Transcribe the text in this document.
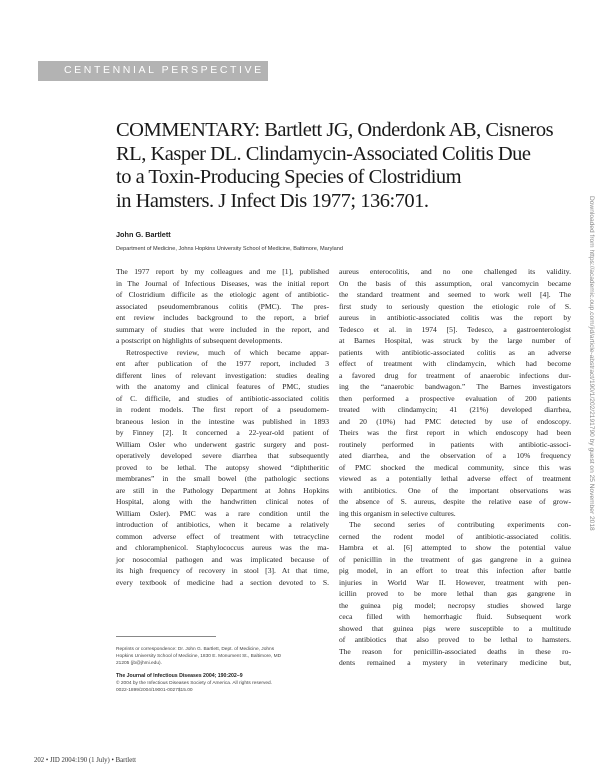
CENTENNIAL PERSPECTIVE

COMMENTARY: Bartlett JG, Onderdonk AB, Cisneros

RL, Kasper DL. Clindamycin-Associated Colitis Due

to a Toxin-Producing Species of Clostridium

in Hamsters. J Infect Dis 1977; 136:701.

John G. Bartlett
Department of Medicine, Johns Hopkins University School of Medicine, Baltimore, Maryland

The 1977 report by my colleagues and me [1], published

in The Journal of Infectious Diseases, was the initial report

of Clostridium difficile as the etiologic agent of antibiotic-

associated pseudomembranous colitis (PMC). The pres-

ent review includes background to the report, a brief

summary of studies that were included in the report, and

a postscript on highlights of subsequent developments.

Retrospective review, much of which became appar-

ent after publication of the 1977 report, included 3

different lines of relevant investigation: studies dealing

with the anatomy and clinical features of PMC, studies

of C. difficile, and studies of antibiotic-associated colitis

in rodent models. The first report of a pseudomem-

braneous lesion in the intestine was published in 1893

by Finney [2]. It concerned a 22-year-old patient of

William Osler who underwent gastric surgery and post-

operatively developed severe diarrhea that subsequently

proved to be lethal. The autopsy showed “diphtheritic

membranes” in the small bowel (the pathologic sections

are still in the Pathology Department at Johns Hopkins

Hospital, along with the handwritten clinical notes of

William Osler). PMC was a rare condition until the

introduction of antibiotics, when it became a relatively

common adverse effect of treatment with tetracycline

and chloramphenicol. Staphylococcus aureus was the ma-

jor nosocomial pathogen and was implicated because of

its high frequency of recovery in stool [3]. At that time,

every textbook of medicine had a section devoted to S.

aureus enterocolitis, and no one challenged its validity.

On the basis of this assumption, oral vancomycin became

the standard treatment and seemed to work well [4]. The

first study to seriously question the etiologic role of S.

aureus in antibiotic-associated colitis was the report by

Tedesco et al. in 1974 [5]. Tedesco, a gastroenterologist

at Barnes Hospital, was struck by the large number of

patients with antibiotic-associated colitis as an adverse

effect of treatment with clindamycin, which had become

a favored drug for treatment of anaerobic infections dur-

ing the “anaerobic bandwagon.” The Barnes investigators

then performed a prospective evaluation of 200 patients

treated with clindamycin; 41 (21%) developed diarrhea,

and 20 (10%) had PMC detected by use of endoscopy.

Theirs was the first report in which endoscopy had been

routinely performed in patients with antibiotic-associ-

ated diarrhea, and the observation of a 10% frequency

of PMC shocked the medical community, since this was

viewed as a potentially lethal adverse effect of treatment

with antibiotics. One of the important observations was

the absence of S. aureus, despite the relative ease of grow-

ing this organism in selective cultures.

The second series of contributing experiments con-

cerned the rodent model of antibiotic-associated colitis.

Hambra et al. [6] attempted to show the potential value

of penicillin in the treatment of gas gangrene in a guinea

pig model, in an effort to treat this infection after battle

injuries in World War II. However, treatment with pen-

icillin proved to be more lethal than gas gangrene in

the guinea pig model; necropsy studies showed large

ceca filled with hemorrhagic fluid. Subsequent work

showed that guinea pigs were susceptible to a multitude

of antibiotics that also proved to be lethal to hamsters.

The reason for penicillin-associated deaths in these ro-

dents remained a mystery in veterinary medicine but,

Reprints or correspondence: Dr. John G. Bartlett, Dept. of Medicine, Johns

Hopkins University School of Medicine, 1830 E. Monument St., Baltimore, MD

21205 (jb@jhmi.edu).

The Journal of Infectious Diseases 2004; 190:202–9

© 2004 by the Infectious Diseases Society of America. All rights reserved.

0022-1899/2004/19001-0027$15.00

202 • JID 2004:190 (1 July) • Bartlett
Downloaded from https://academic.oup.com/jid/article-abstract/190/1/202/2191790 by guest on 25 November 2018
